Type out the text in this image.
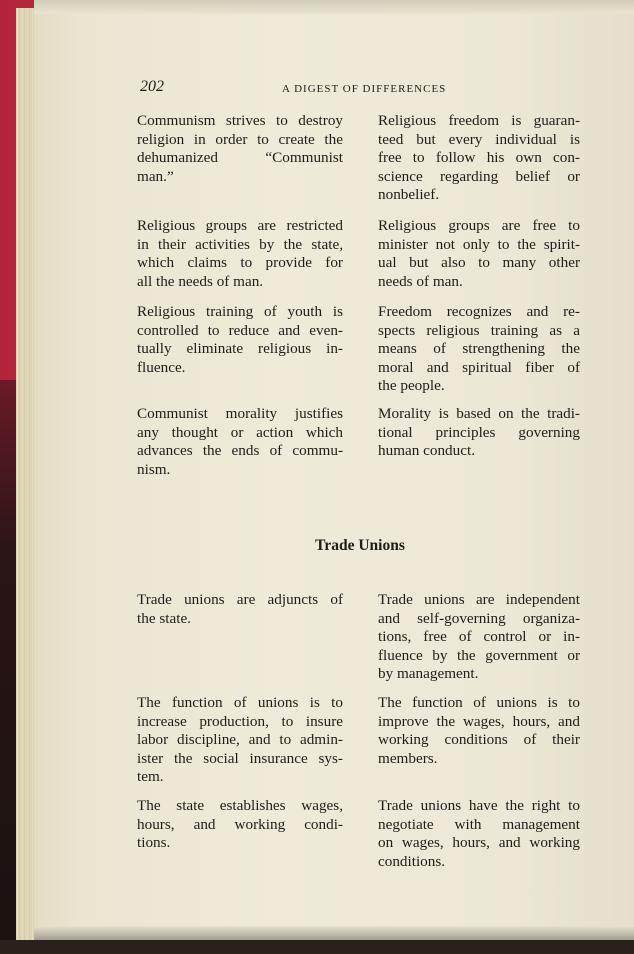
202	A DIGEST OF DIFFERENCES
Communism strives to destroy
religion in order to create the
dehumanized “Communist
man.”
Religious freedom is guaran-
teed but every individual is
free to follow his own con-
science regarding belief or
nonbelief.
Religious groups are restricted
in their activities by the state,
which claims to provide for
all the needs of man.
Religious groups are free to
minister not only to the spirit-
ual but also to many other
needs of man.
Religious training of youth is
controlled to reduce and even-
tually eliminate religious in-
fluence.
Freedom recognizes and re-
spects religious training as a
means of strengthening the
moral and spiritual fiber of
the people.
Communist morality justifies
any thought or action which
advances the ends of commu-
nism.
Morality is based on the tradi-
tional principles governing
human conduct.
Trade Unions
Trade unions are adjuncts of
the state.
Trade unions are independent
and self-governing organiza-
tions, free of control or in-
fluence by the government or
by management.
The function of unions is to
increase production, to insure
labor discipline, and to admin-
ister the social insurance sys-
tem.
The function of unions is to
improve the wages, hours, and
working conditions of their
members.
The state establishes wages,
hours, and working condi-
tions.
Trade unions have the right to
negotiate with management
on wages, hours, and working
conditions.
